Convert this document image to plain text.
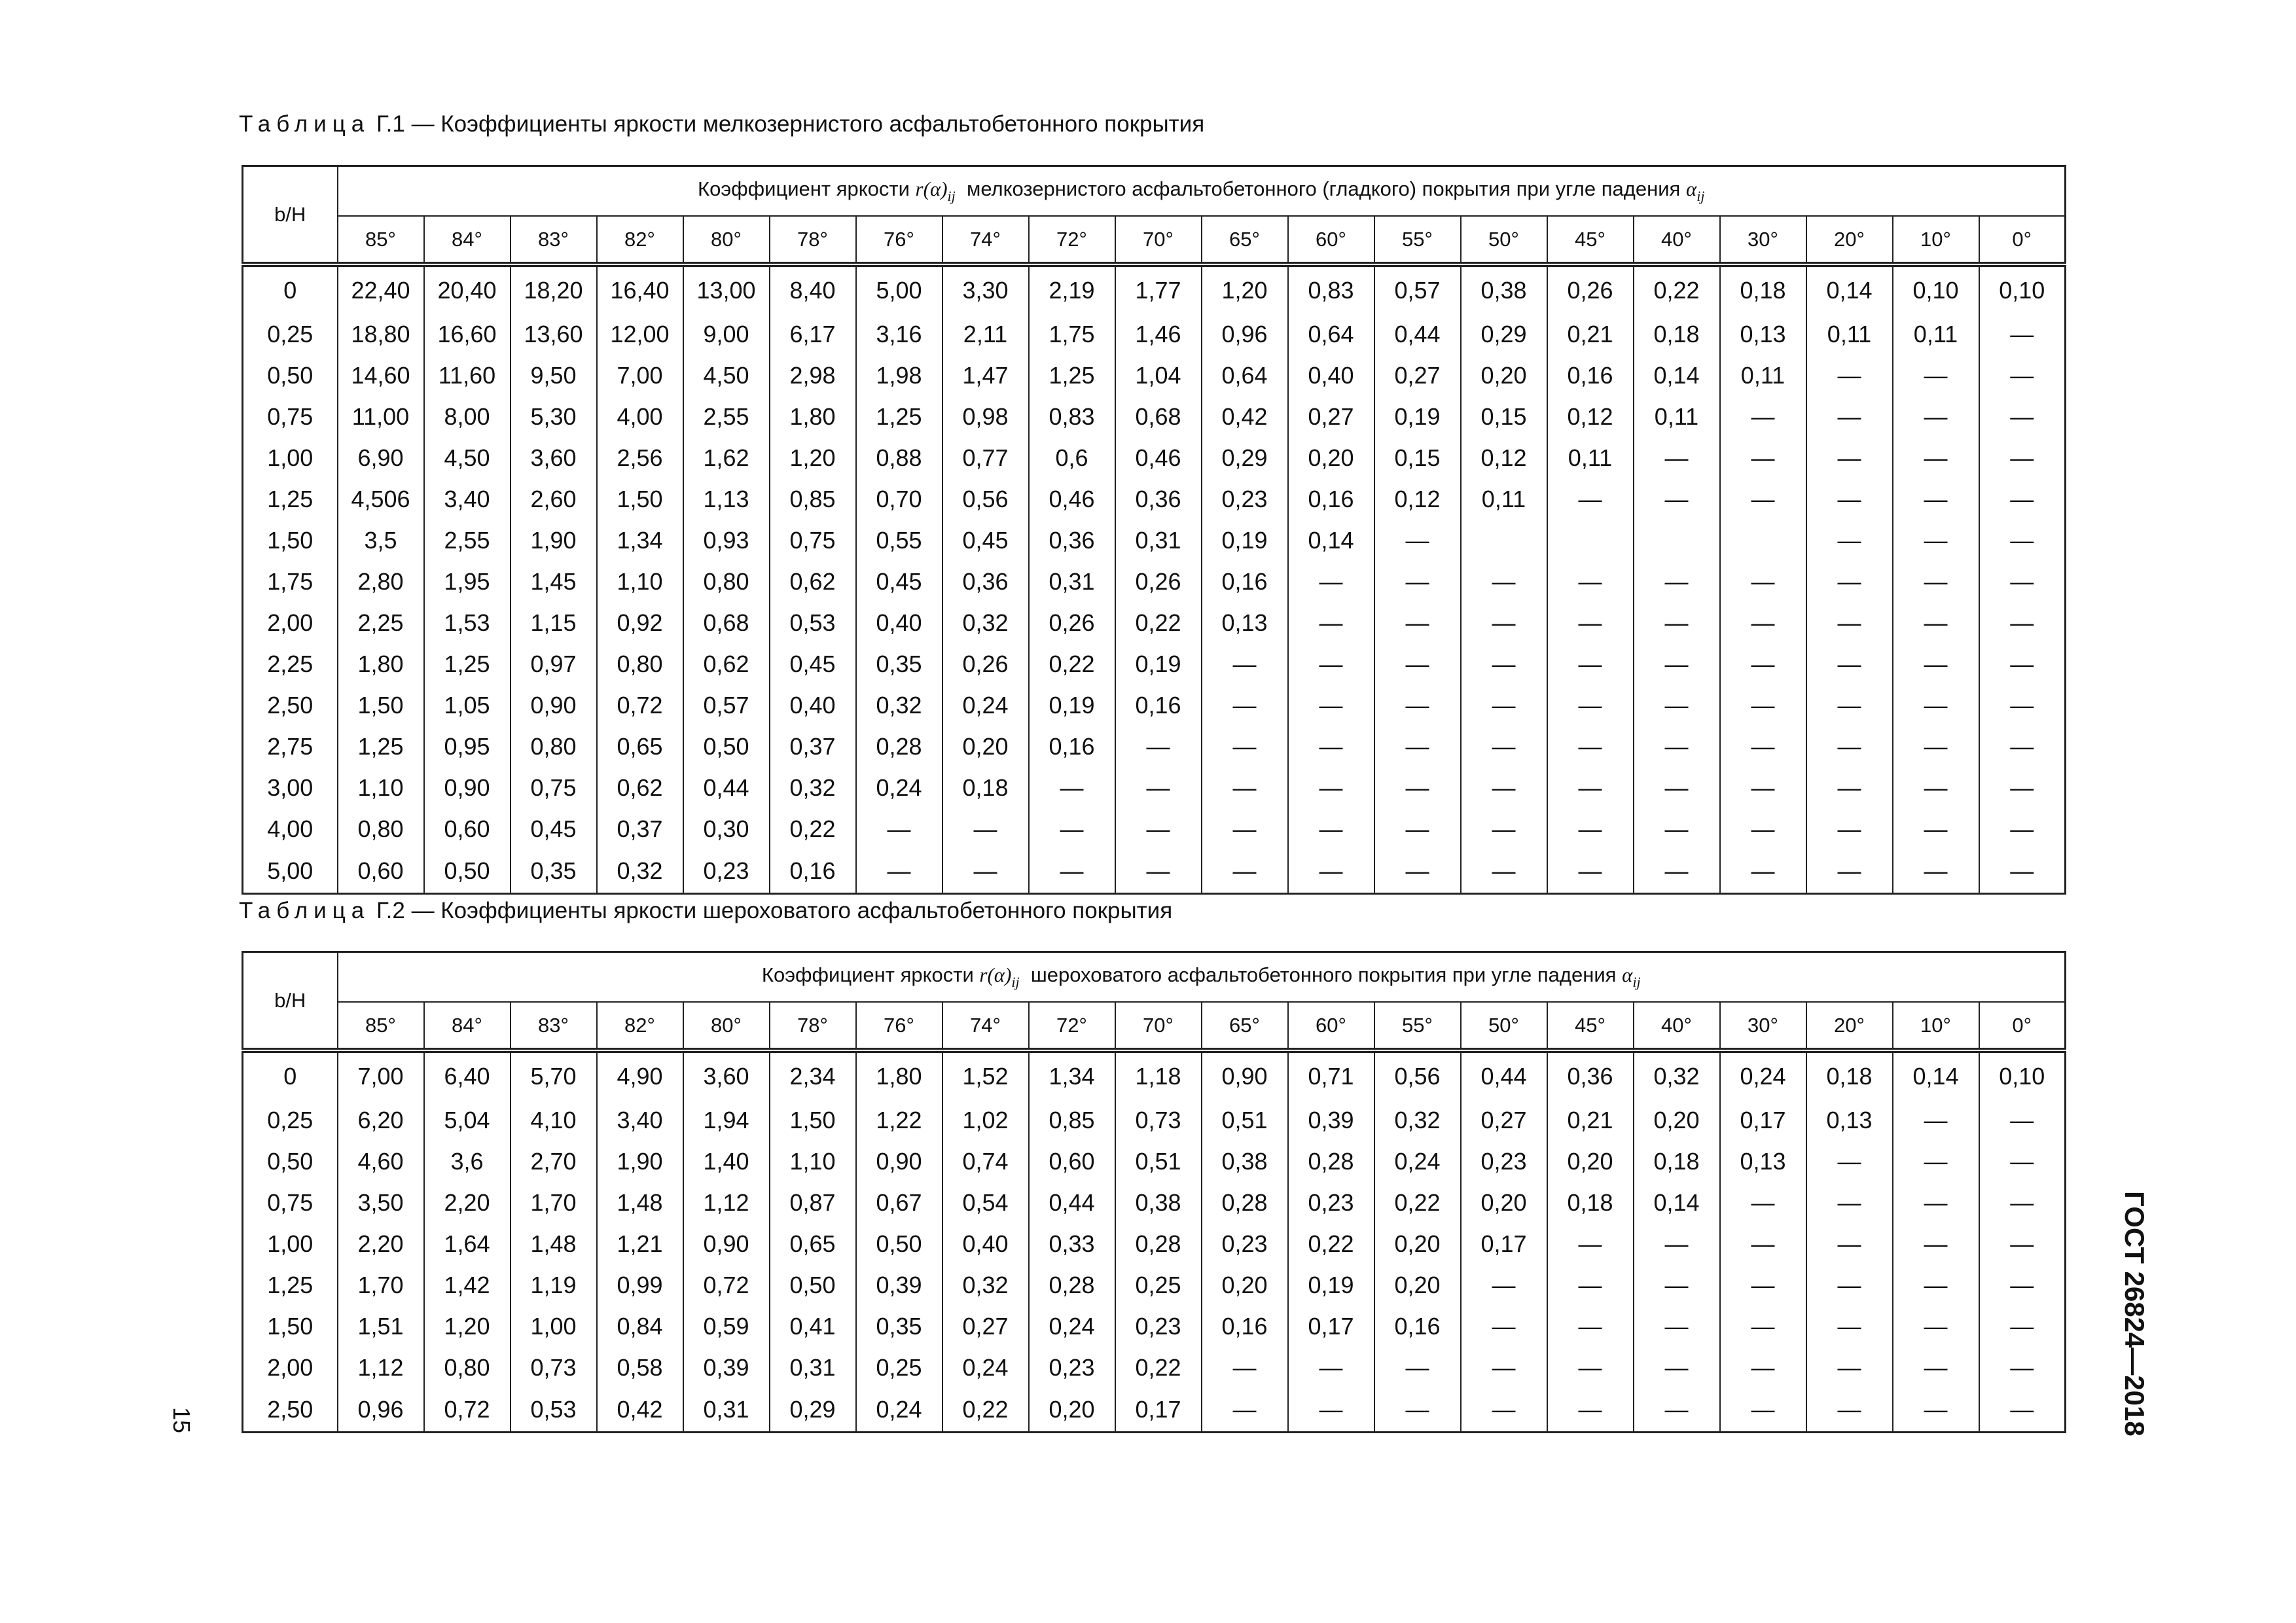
Таблица Г.1 — Коэффициенты яркости мелкозернистого асфальтобетонного покрытия
b/H	Коэффициент яркости $r(\alpha)_{ij}$ мелкозернистого асфальтобетонного (гладкого) покрытия при угле падения $\alpha_{ij}$
	85°	84°	83°	82°	80°	78°	76°	74°	72°	70°	65°	60°	55°	50°	45°	40°	30°	20°	10°	0°
0	22,40	20,40	18,20	16,40	13,00	8,40	5,00	3,30	2,19	1,77	1,20	0,83	0,57	0,38	0,26	0,22	0,18	0,14	0,10	0,10
0,25	18,80	16,60	13,60	12,00	9,00	6,17	3,16	2,11	1,75	1,46	0,96	0,64	0,44	0,29	0,21	0,18	0,13	0,11	0,11	—
0,50	14,60	11,60	9,50	7,00	4,50	2,98	1,98	1,47	1,25	1,04	0,64	0,40	0,27	0,20	0,16	0,14	0,11	—	—	—
0,75	11,00	8,00	5,30	4,00	2,55	1,80	1,25	0,98	0,83	0,68	0,42	0,27	0,19	0,15	0,12	0,11	—	—	—	—
1,00	6,90	4,50	3,60	2,56	1,62	1,20	0,88	0,77	0,6	0,46	0,29	0,20	0,15	0,12	0,11	—	—	—	—	—
1,25	4,506	3,40	2,60	1,50	1,13	0,85	0,70	0,56	0,46	0,36	0,23	0,16	0,12	0,11	—	—	—	—	—	—
1,50	3,5	2,55	1,90	1,34	0,93	0,75	0,55	0,45	0,36	0,31	0,19	0,14	—					—	—	—
1,75	2,80	1,95	1,45	1,10	0,80	0,62	0,45	0,36	0,31	0,26	0,16	—	—	—	—	—	—	—	—	—
2,00	2,25	1,53	1,15	0,92	0,68	0,53	0,40	0,32	0,26	0,22	0,13	—	—	—	—	—	—	—	—	—
2,25	1,80	1,25	0,97	0,80	0,62	0,45	0,35	0,26	0,22	0,19	—	—	—	—	—	—	—	—	—	—
2,50	1,50	1,05	0,90	0,72	0,57	0,40	0,32	0,24	0,19	0,16	—	—	—	—	—	—	—	—	—	—
2,75	1,25	0,95	0,80	0,65	0,50	0,37	0,28	0,20	0,16	—	—	—	—	—	—	—	—	—	—	—
3,00	1,10	0,90	0,75	0,62	0,44	0,32	0,24	0,18	—	—	—	—	—	—	—	—	—	—	—	—
4,00	0,80	0,60	0,45	0,37	0,30	0,22	—	—	—	—	—	—	—	—	—	—	—	—	—	—
5,00	0,60	0,50	0,35	0,32	0,23	0,16	—	—	—	—	—	—	—	—	—	—	—	—	—	—
Таблица Г.2 — Коэффициенты яркости шероховатого асфальтобетонного покрытия
b/H	Коэффициент яркости $r(\alpha)_{ij}$ шероховатого асфальтобетонного покрытия при угле падения $\alpha_{ij}$
	85°	84°	83°	82°	80°	78°	76°	74°	72°	70°	65°	60°	55°	50°	45°	40°	30°	20°	10°	0°
0	7,00	6,40	5,70	4,90	3,60	2,34	1,80	1,52	1,34	1,18	0,90	0,71	0,56	0,44	0,36	0,32	0,24	0,18	0,14	0,10
0,25	6,20	5,04	4,10	3,40	1,94	1,50	1,22	1,02	0,85	0,73	0,51	0,39	0,32	0,27	0,21	0,20	0,17	0,13	—	—
0,50	4,60	3,6	2,70	1,90	1,40	1,10	0,90	0,74	0,60	0,51	0,38	0,28	0,24	0,23	0,20	0,18	0,13	—	—	—
0,75	3,50	2,20	1,70	1,48	1,12	0,87	0,67	0,54	0,44	0,38	0,28	0,23	0,22	0,20	0,18	0,14	—	—	—	—
1,00	2,20	1,64	1,48	1,21	0,90	0,65	0,50	0,40	0,33	0,28	0,23	0,22	0,20	0,17	—	—	—	—	—	—
1,25	1,70	1,42	1,19	0,99	0,72	0,50	0,39	0,32	0,28	0,25	0,20	0,19	0,20	—	—	—	—	—	—	—
1,50	1,51	1,20	1,00	0,84	0,59	0,41	0,35	0,27	0,24	0,23	0,16	0,17	0,16	—	—	—	—	—	—	—
2,00	1,12	0,80	0,73	0,58	0,39	0,31	0,25	0,24	0,23	0,22	—	—	—	—	—	—	—	—	—	—
2,50	0,96	0,72	0,53	0,42	0,31	0,29	0,24	0,22	0,20	0,17	—	—	—	—	—	—	—	—	—	—
15	ГОСТ 26824—2018
